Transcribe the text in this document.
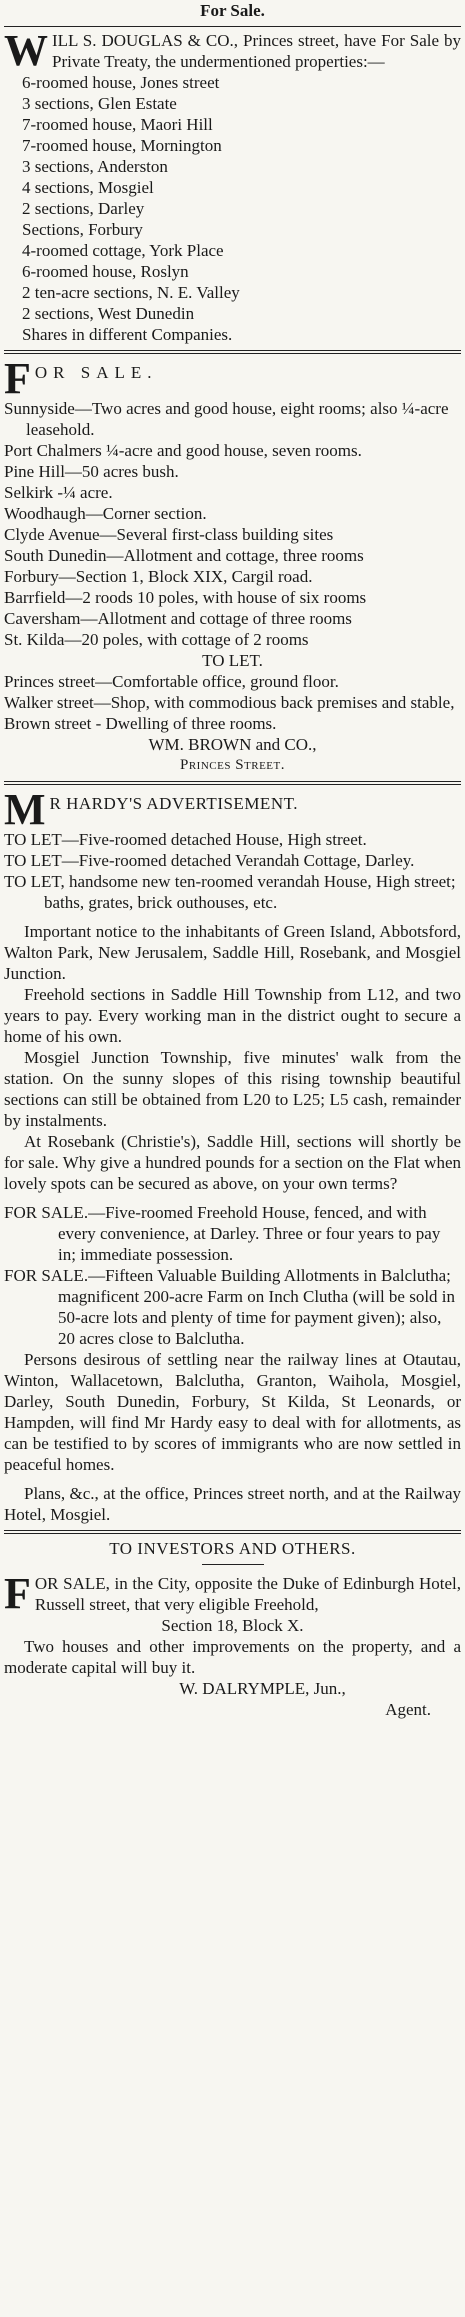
For Sale.

WILL S. DOUGLAS & CO., Princes street, have For Sale by Private Treaty, the undermentioned properties:—

6-roomed house, Jones street

3 sections, Glen Estate

7-roomed house, Maori Hill

7-roomed house, Mornington

3 sections, Anderston

4 sections, Mosgiel

2 sections, Darley

Sections, Forbury

4-roomed cottage, York Place

6-roomed house, Roslyn

2 ten-acre sections, N. E. Valley

2 sections, West Dunedin

Shares in different Companies.

F OR SALE.

Sunnyside—Two acres and good house, eight rooms; also ¼-acre leasehold.

Port Chalmers ¼-acre and good house, seven rooms.

Pine Hill—50 acres bush.

Selkirk -¼ acre.

Woodhaugh—Corner section.

Clyde Avenue—Several first-class building sites

South Dunedin—Allotment and cottage, three rooms

Forbury—Section 1, Block XIX, Cargil road.

Barrfield—2 roods 10 poles, with house of six rooms

Caversham—Allotment and cottage of three rooms

St. Kilda—20 poles, with cottage of 2 rooms

TO LET.

Princes street—Comfortable office, ground floor.

Walker street—Shop, with commodious back premises and stable,

Brown street - Dwelling of three rooms.

WM. BROWN and CO.,

Princes Street.

M R HARDY'S ADVERTISEMENT.

TO LET—Five-roomed detached House, High street.

TO LET—Five-roomed detached Verandah Cottage, Darley.

TO LET, handsome new ten-roomed verandah House, High street; baths, grates, brick outhouses, etc.

Important notice to the inhabitants of Green Island, Abbotsford, Walton Park, New Jerusalem, Saddle Hill, Rosebank, and Mosgiel Junction.

Freehold sections in Saddle Hill Township from L12, and two years to pay. Every working man in the district ought to secure a home of his own.

Mosgiel Junction Township, five minutes' walk from the station. On the sunny slopes of this rising township beautiful sections can still be obtained from L20 to L25; L5 cash, remainder by instalments.

At Rosebank (Christie's), Saddle Hill, sections will shortly be for sale. Why give a hundred pounds for a section on the Flat when lovely spots can be secured as above, on your own terms?

FOR SALE.—Five-roomed Freehold House, fenced, and with every convenience, at Darley. Three or four years to pay in; immediate possession.

FOR SALE.—Fifteen Valuable Building Allotments in Balclutha; magnificent 200-acre Farm on Inch Clutha (will be sold in 50-acre lots and plenty of time for payment given); also, 20 acres close to Balclutha.

Persons desirous of settling near the railway lines at Otautau, Winton, Wallacetown, Balclutha, Granton, Waihola, Mosgiel, Darley, South Dunedin, Forbury, St Kilda, St Leonards, or Hampden, will find Mr Hardy easy to deal with for allotments, as can be testified to by scores of immigrants who are now settled in peaceful homes.

Plans, &c., at the office, Princes street north, and at the Railway Hotel, Mosgiel.

TO INVESTORS AND OTHERS.

FOR SALE, in the City, opposite the Duke of Edinburgh Hotel, Russell street, that very eligible Freehold,

Section 18, Block X.

Two houses and other improvements on the property, and a moderate capital will buy it.

W. DALRYMPLE, Jun.,

Agent.
